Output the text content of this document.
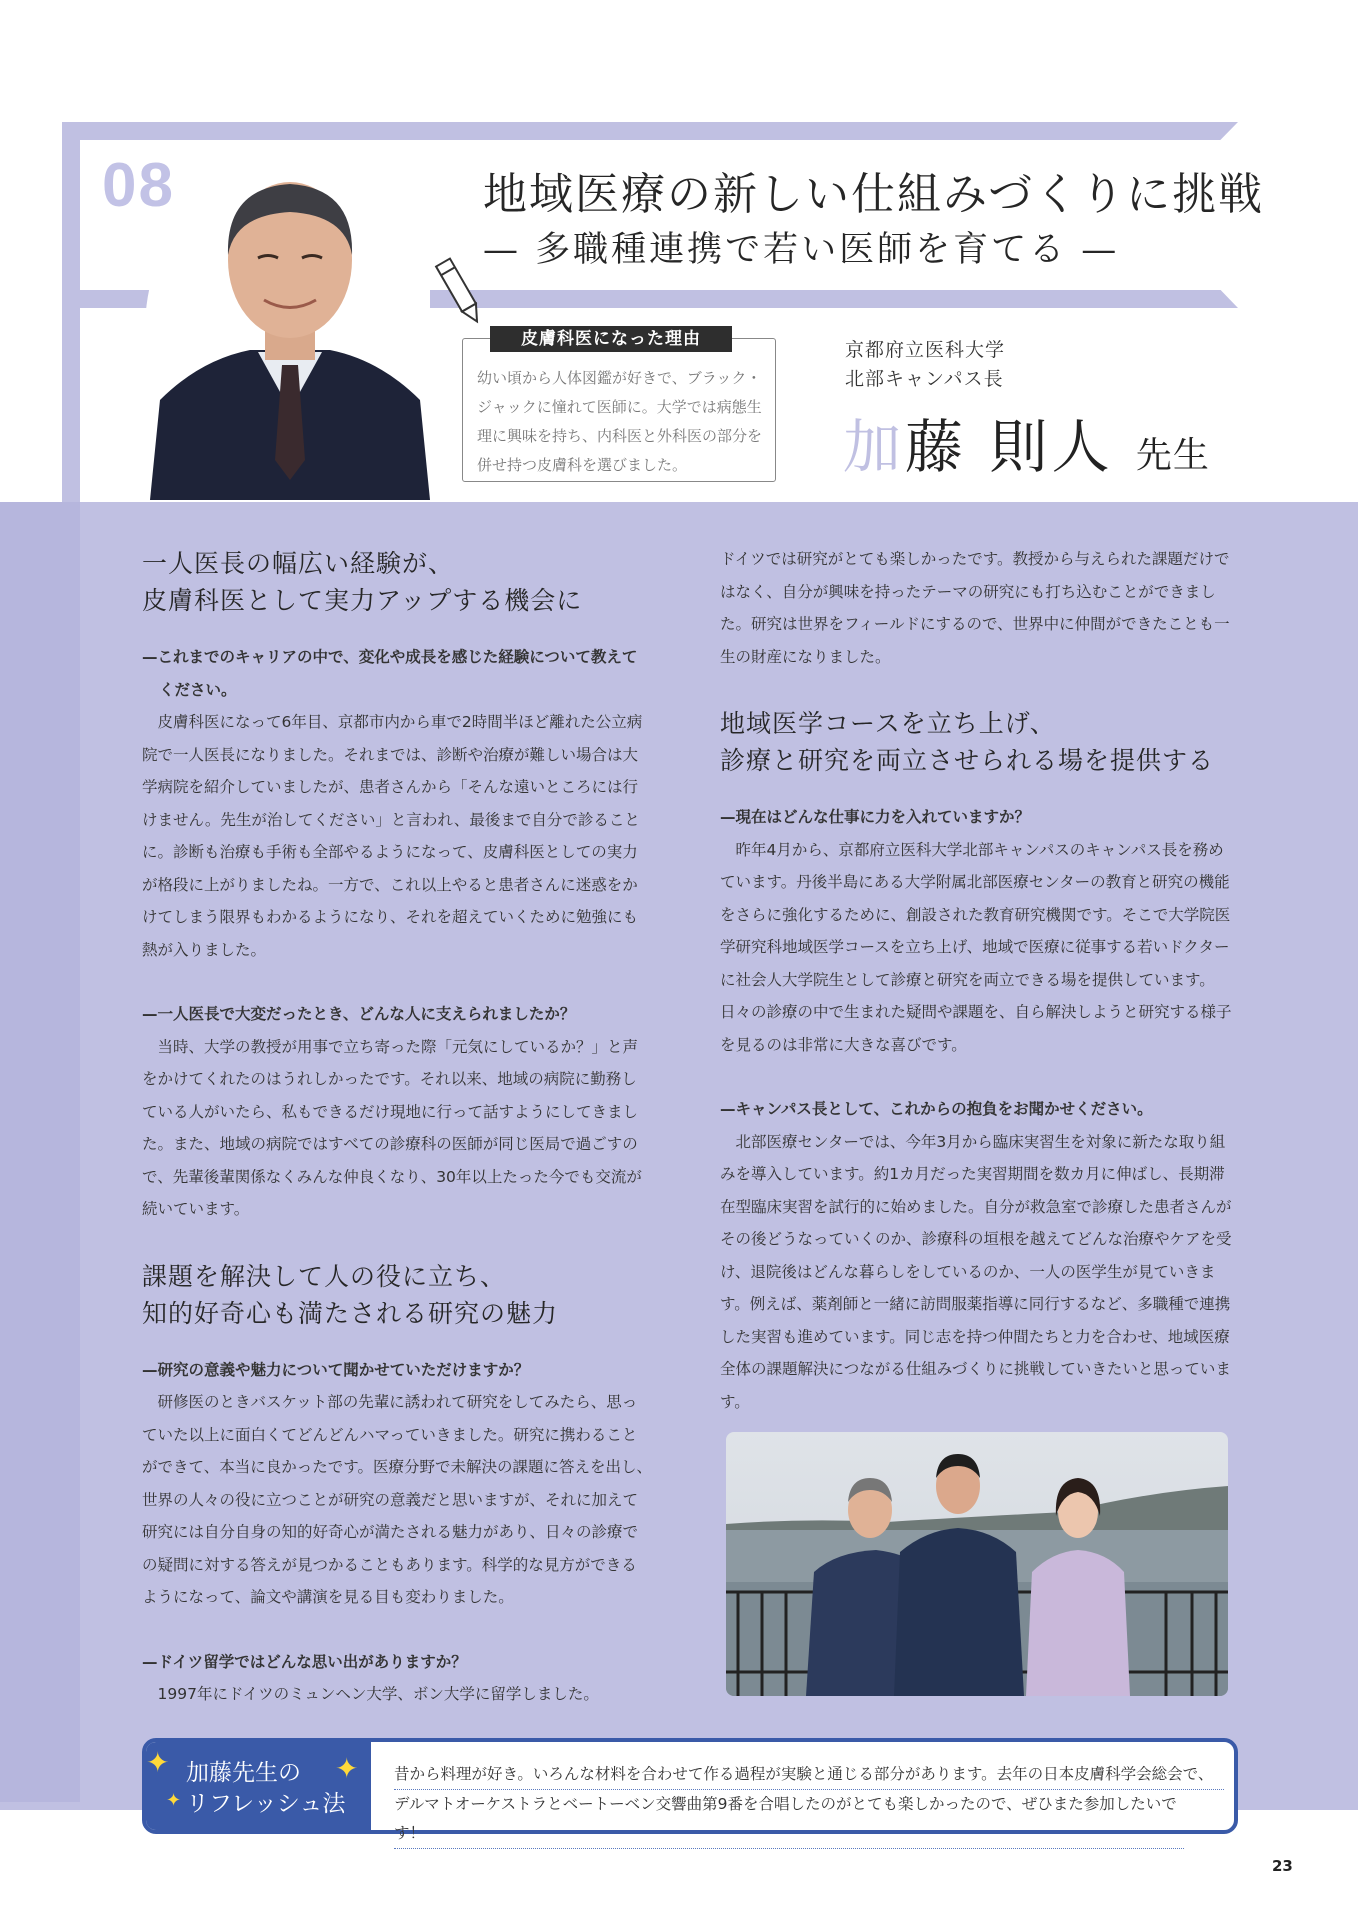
08	地域医療の新しい仕組みづくりに挑戦
— 多職種連携で若い医師を育てる —
皮膚科医になった理由
幼い頃から人体図鑑が好きで、ブラック・ジャックに憧れて医師に。大学では病態生理に興味を持ち、内科医と外科医の部分を併せ持つ皮膚科を選びました。
京都府立医科大学
北部キャンパス長
加藤 則人 先生
一人医長の幅広い経験が、
皮膚科医として実力アップする機会に

—これまでのキャリアの中で、変化や成長を感じた経験について教えてください。

皮膚科医になって6年目、京都市内から車で2時間半ほど離れた公立病院で一人医長になりました。それまでは、診断や治療が難しい場合は大学病院を紹介していましたが、患者さんから「そんな遠いところには行けません。先生が治してください」と言われ、最後まで自分で診ることに。診断も治療も手術も全部やるようになって、皮膚科医としての実力が格段に上がりましたね。一方で、これ以上やると患者さんに迷惑をかけてしまう限界もわかるようになり、それを超えていくために勉強にも熱が入りました。

—一人医長で大変だったとき、どんな人に支えられましたか？

当時、大学の教授が用事で立ち寄った際「元気にしているか？」と声をかけてくれたのはうれしかったです。それ以来、地域の病院に勤務している人がいたら、私もできるだけ現地に行って話すようにしてきました。また、地域の病院ではすべての診療科の医師が同じ医局で過ごすので、先輩後輩関係なくみんな仲良くなり、30年以上たった今でも交流が続いています。

課題を解決して人の役に立ち、
知的好奇心も満たされる研究の魅力

—研究の意義や魅力について聞かせていただけますか？

研修医のときバスケット部の先輩に誘われて研究をしてみたら、思っていた以上に面白くてどんどんハマっていきました。研究に携わることができて、本当に良かったです。医療分野で未解決の課題に答えを出し、世界の人々の役に立つことが研究の意義だと思いますが、それに加えて研究には自分自身の知的好奇心が満たされる魅力があり、日々の診療での疑問に対する答えが見つかることもあります。科学的な見方ができるようになって、論文や講演を見る目も変わりました。

—ドイツ留学ではどんな思い出がありますか？

1997年にドイツのミュンヘン大学、ボン大学に留学しました。

ドイツでは研究がとても楽しかったです。教授から与えられた課題だけではなく、自分が興味を持ったテーマの研究にも打ち込むことができました。研究は世界をフィールドにするので、世界中に仲間ができたことも一生の財産になりました。

地域医学コースを立ち上げ、
診療と研究を両立させられる場を提供する

—現在はどんな仕事に力を入れていますか？

昨年4月から、京都府立医科大学北部キャンパスのキャンパス長を務めています。丹後半島にある大学附属北部医療センターの教育と研究の機能をさらに強化するために、創設された教育研究機関です。そこで大学院医学研究科地域医学コースを立ち上げ、地域で医療に従事する若いドクターに社会人大学院生として診療と研究を両立できる場を提供しています。日々の診療の中で生まれた疑問や課題を、自ら解決しようと研究する様子を見るのは非常に大きな喜びです。

—キャンパス長として、これからの抱負をお聞かせください。

北部医療センターでは、今年3月から臨床実習生を対象に新たな取り組みを導入しています。約1カ月だった実習期間を数カ月に伸ばし、長期滞在型臨床実習を試行的に始めました。自分が救急室で診療した患者さんがその後どうなっていくのか、診療科の垣根を越えてどんな治療やケアを受け、退院後はどんな暮らしをしているのか、一人の医学生が見ていきます。例えば、薬剤師と一緒に訪問服薬指導に同行するなど、多職種で連携した実習も進めています。同じ志を持つ仲間たちと力を合わせ、地域医療全体の課題解決につながる仕組みづくりに挑戦していきたいと思っています。

✦
✦
✦
加藤先生の
リフレッシュ法
昔から料理が好き。いろんな材料を合わせて作る過程が実験と通じる部分があります。去年の日本皮膚科学会総会で、
デルマトオーケストラとベートーベン交響曲第9番を合唱したのがとても楽しかったので、ぜひまた参加したいです！
23
